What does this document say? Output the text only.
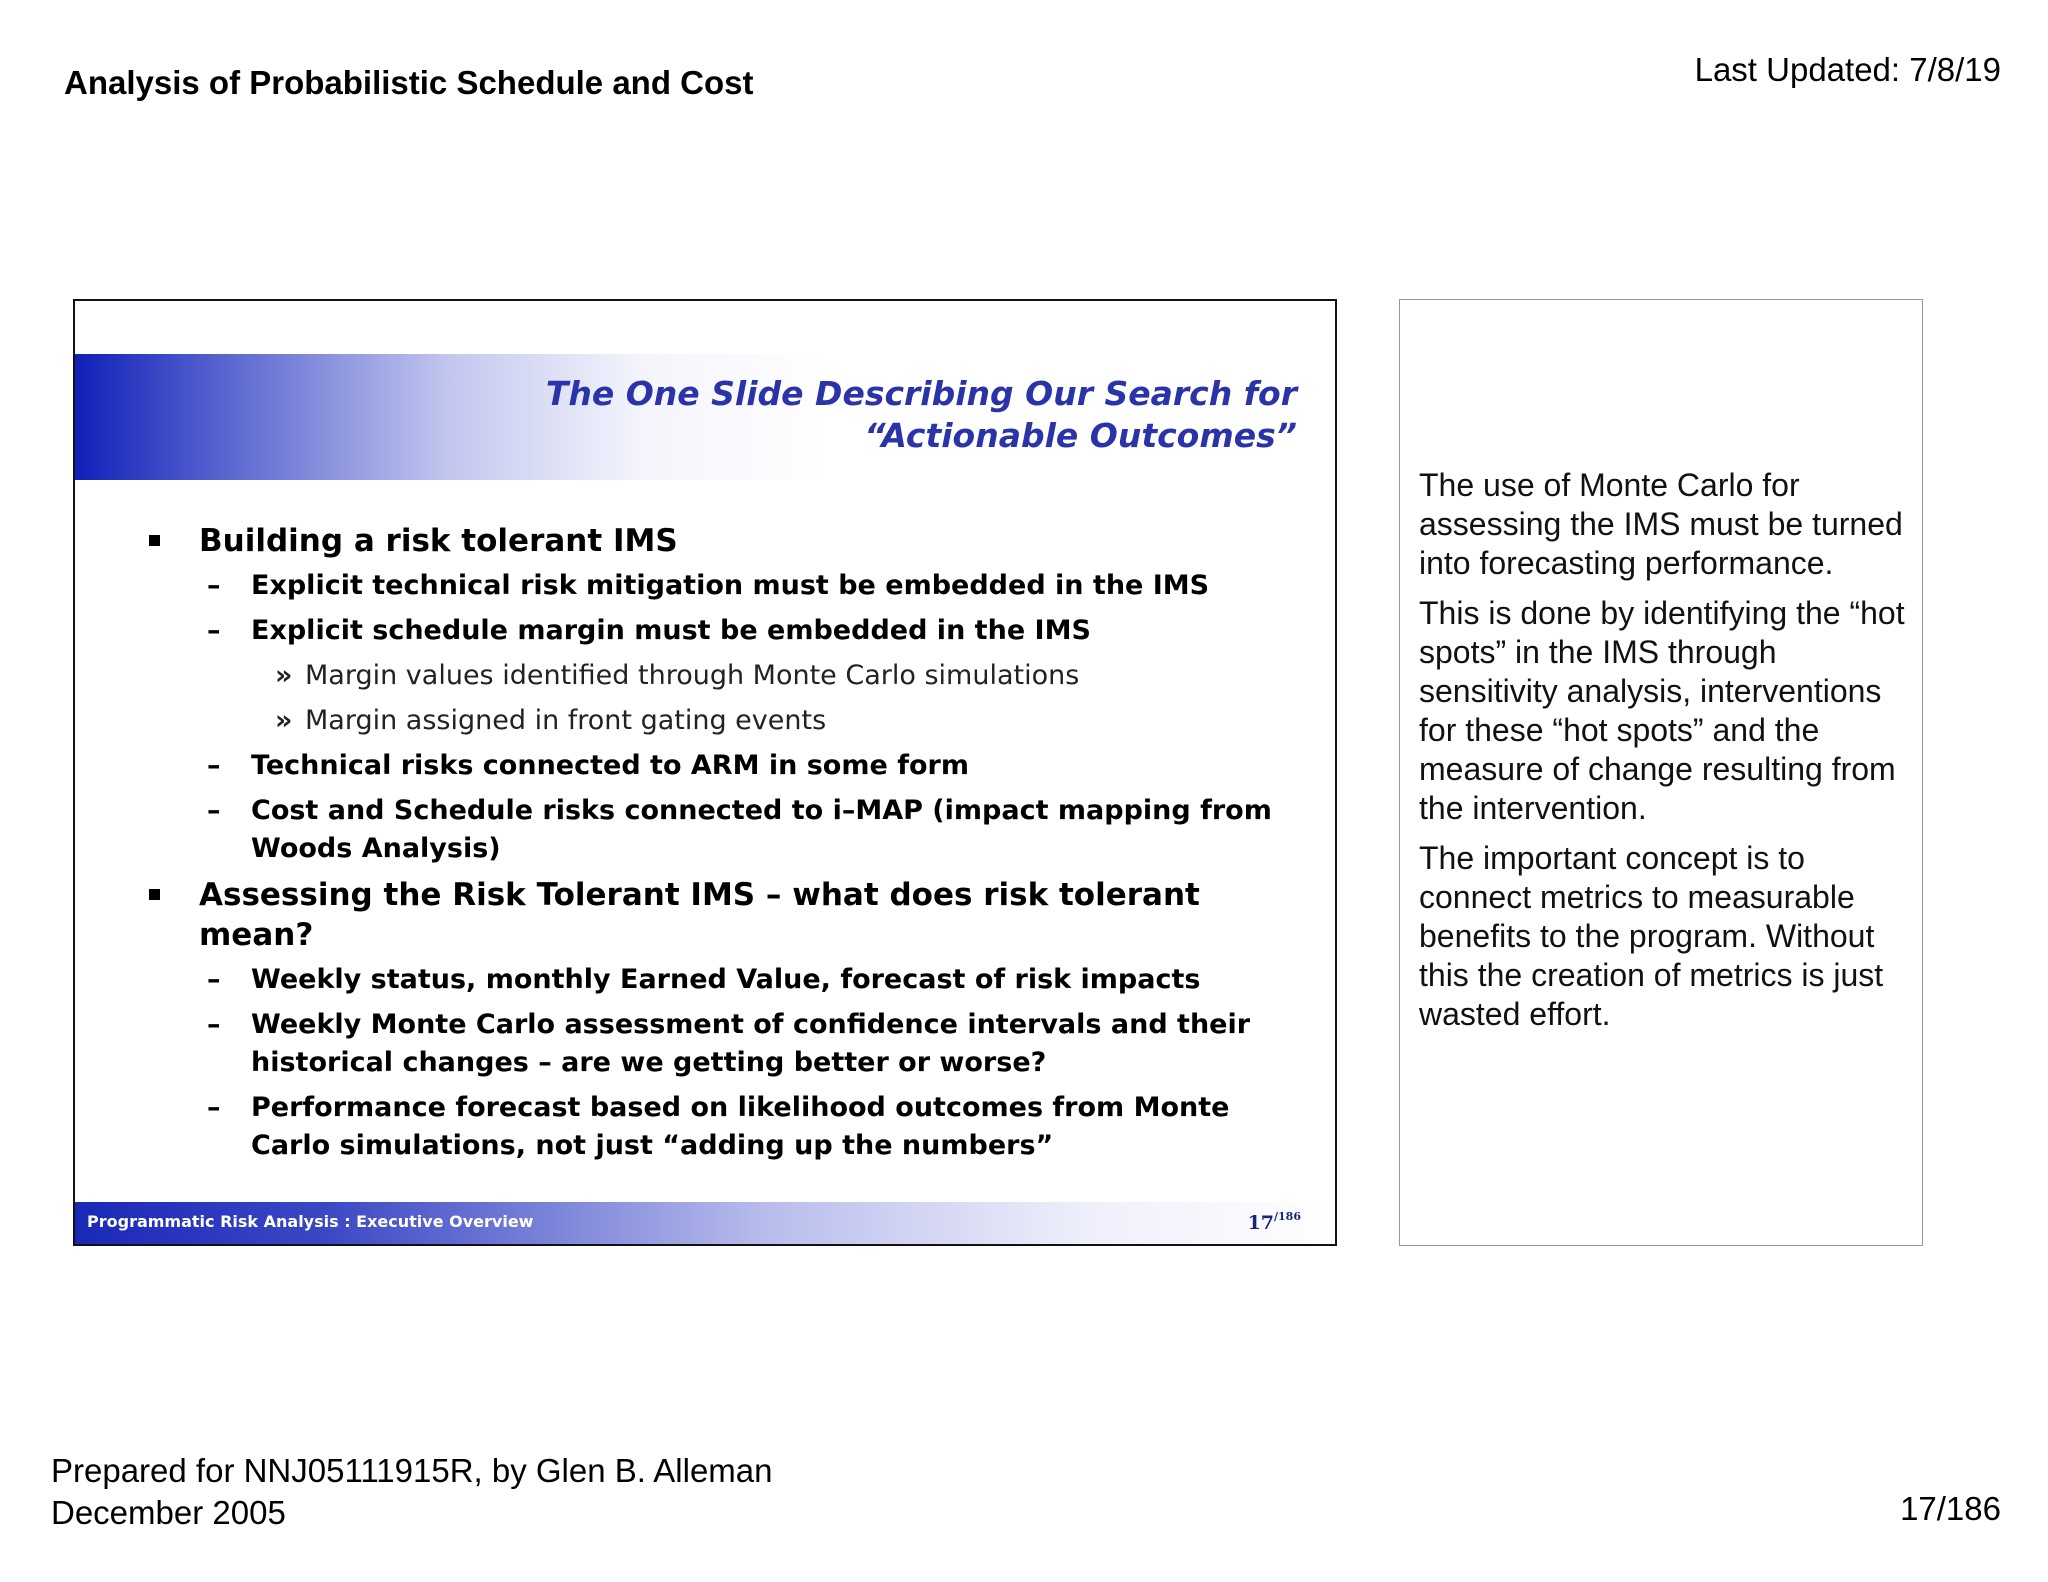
Analysis of Probabilistic Schedule and Cost	Last Updated: 7/8/19
The One Slide Describing Our Search for
“Actionable Outcomes”
Building a risk tolerant IMS
– Explicit technical risk mitigation must be embedded in the IMS
– Explicit schedule margin must be embedded in the IMS
» Margin values identified through Monte Carlo simulations
» Margin assigned in front gating events
– Technical risks connected to ARM in some form
– Cost and Schedule risks connected to i–MAP (impact mapping from Woods Analysis)
Assessing the Risk Tolerant IMS – what does risk tolerant mean?
– Weekly status, monthly Earned Value, forecast of risk impacts
– Weekly Monte Carlo assessment of confidence intervals and their historical changes – are we getting better or worse?
– Performance forecast based on likelihood outcomes from Monte Carlo simulations, not just “adding up the numbers”
Programmatic Risk Analysis : Executive Overview	$17^{/186}$

The use of Monte Carlo for assessing the IMS must be turned into forecasting performance.

This is done by identifying the “hot spots” in the IMS through sensitivity analysis, interventions for these “hot spots” and the measure of change resulting from the intervention.

The important concept is to connect metrics to measurable benefits to the program. Without this the creation of metrics is just wasted effort.

Prepared for NNJ05111915R, by Glen B. Alleman
December 2005	17/186
